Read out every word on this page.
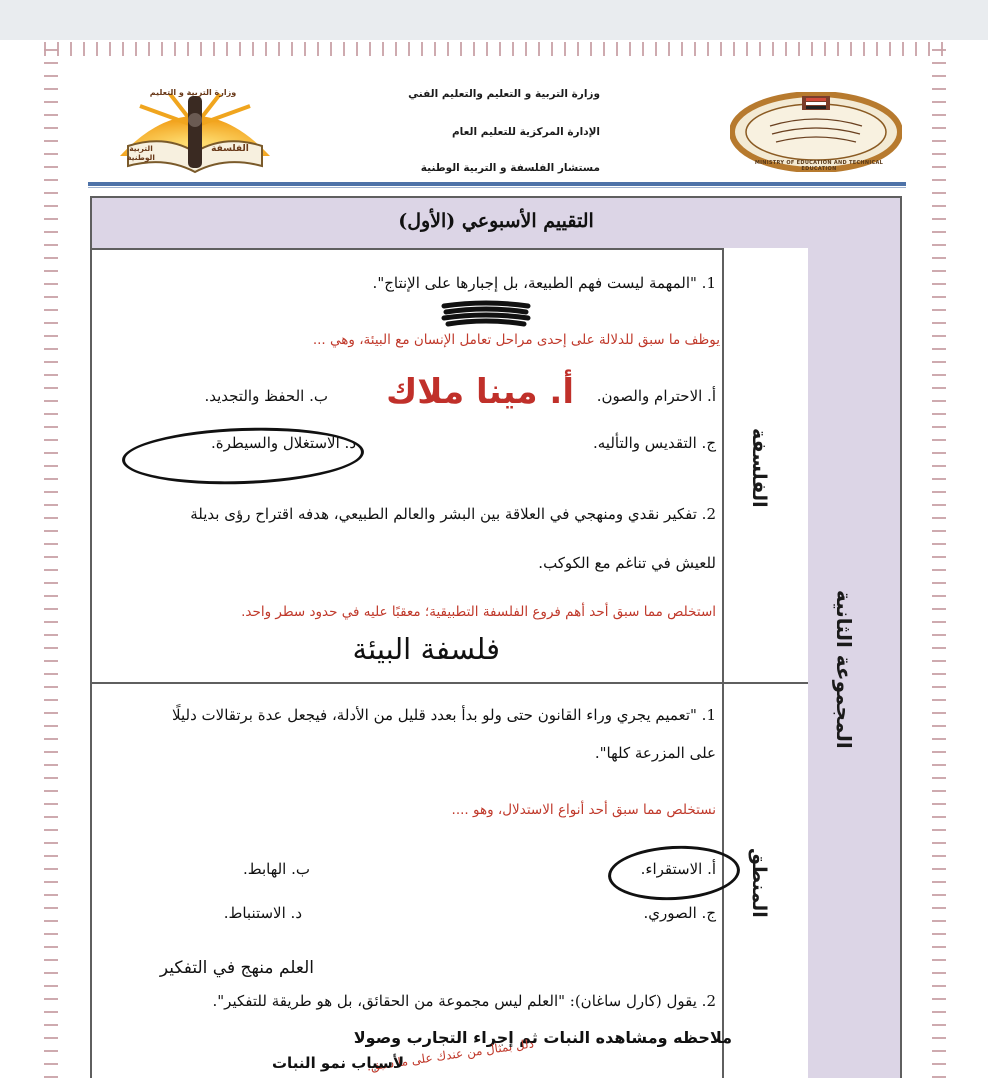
وزارة التربية و التعليم
التربية الوطنية
الفلسفة
وزارة التربية و التعليم والتعليم الفني
الإدارة المركزية للتعليم العام
مستشار الفلسفة و التربية الوطنية	MINISTRY OF EDUCATION AND TECHNICAL EDUCATION
التقييم الأسبوعي (الأول)
المجموعة الثانية
الفلسفة
المنطق
1. "المهمة ليست فهم الطبيعة، بل إجبارها على الإنتاج".
يوظف ما سبق للدلالة على إحدى مراحل تعامل الإنسان مع البيئة، وهي ...
أ. الاحترام والصون.
ب. الحفظ والتجديد. أ. مينا ملاك
ج. التقديس والتأليه.
د. الاستغلال والسيطرة.
2. تفكير نقدي ومنهجي في العلاقة بين البشر والعالم الطبيعي، هدفه اقتراح رؤى بديلة
للعيش في تناغم مع الكوكب.
استخلص مما سبق أحد أهم فروع الفلسفة التطبيقية؛ معقبًا عليه في حدود سطر واحد.
فلسفة البيئة
1. "تعميم يجري وراء القانون حتى ولو بدأ بعدد قليل من الأدلة، فيجعل عدة برتقالات دليلًا
على المزرعة كلها".
نستخلص مما سبق أحد أنواع الاستدلال، وهو ....
أ. الاستقراء.
ب. الهابط.
ج. الصوري.
د. الاستنباط.
العلم منهج في التفكير
2. يقول (كارل ساغان): "العلم ليس مجموعة من الحقائق، بل هو طريقة للتفكير".
ملاحظه ومشاهده النبات ثم إجراء التجارب وصولا
دلل بمثال من عندك على ما سبق.
لأسباب نمو النبات
